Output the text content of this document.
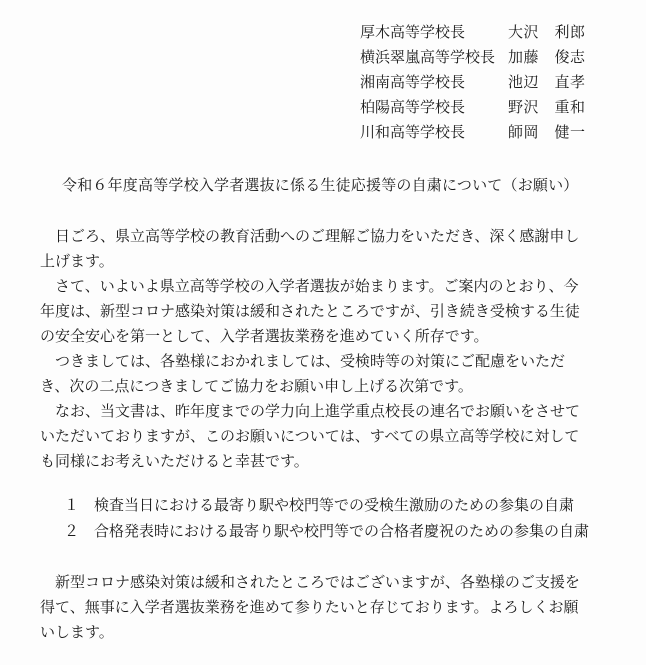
厚木高等学校長	大沢　利郎
横浜翠嵐高等学校長 加藤　俊志
湘南高等学校長	池辺　直孝
柏陽高等学校長	野沢　重和
川和高等学校長	師岡　健一
令和６年度高等学校入学者選抜に係る生徒応援等の自粛について（お願い）
　日ごろ、県立高等学校の教育活動へのご理解ご協力をいただき、深く感謝申し
上げます。
　さて、いよいよ県立高等学校の入学者選抜が始まります。ご案内のとおり、今
年度は、新型コロナ感染対策は緩和されたところですが、引き続き受検する生徒
の安全安心を第一として、入学者選抜業務を進めていく所存です。
　つきましては、各塾様におかれましては、受検時等の対策にご配慮をいただ
き、次の二点につきましてご協力をお願い申し上げる次第です。
　なお、当文書は、昨年度までの学力向上進学重点校長の連名でお願いをさせて
いただいておりますが、このお願いについては、すべての県立高等学校に対して
も同様にお考えいただけると幸甚です。
１　検査当日における最寄り駅や校門等での受検生激励のための参集の自粛
２　合格発表時における最寄り駅や校門等での合格者慶祝のための参集の自粛
　新型コロナ感染対策は緩和されたところではございますが、各塾様のご支援を
得て、無事に入学者選抜業務を進めて参りたいと存じております。よろしくお願
いします。
